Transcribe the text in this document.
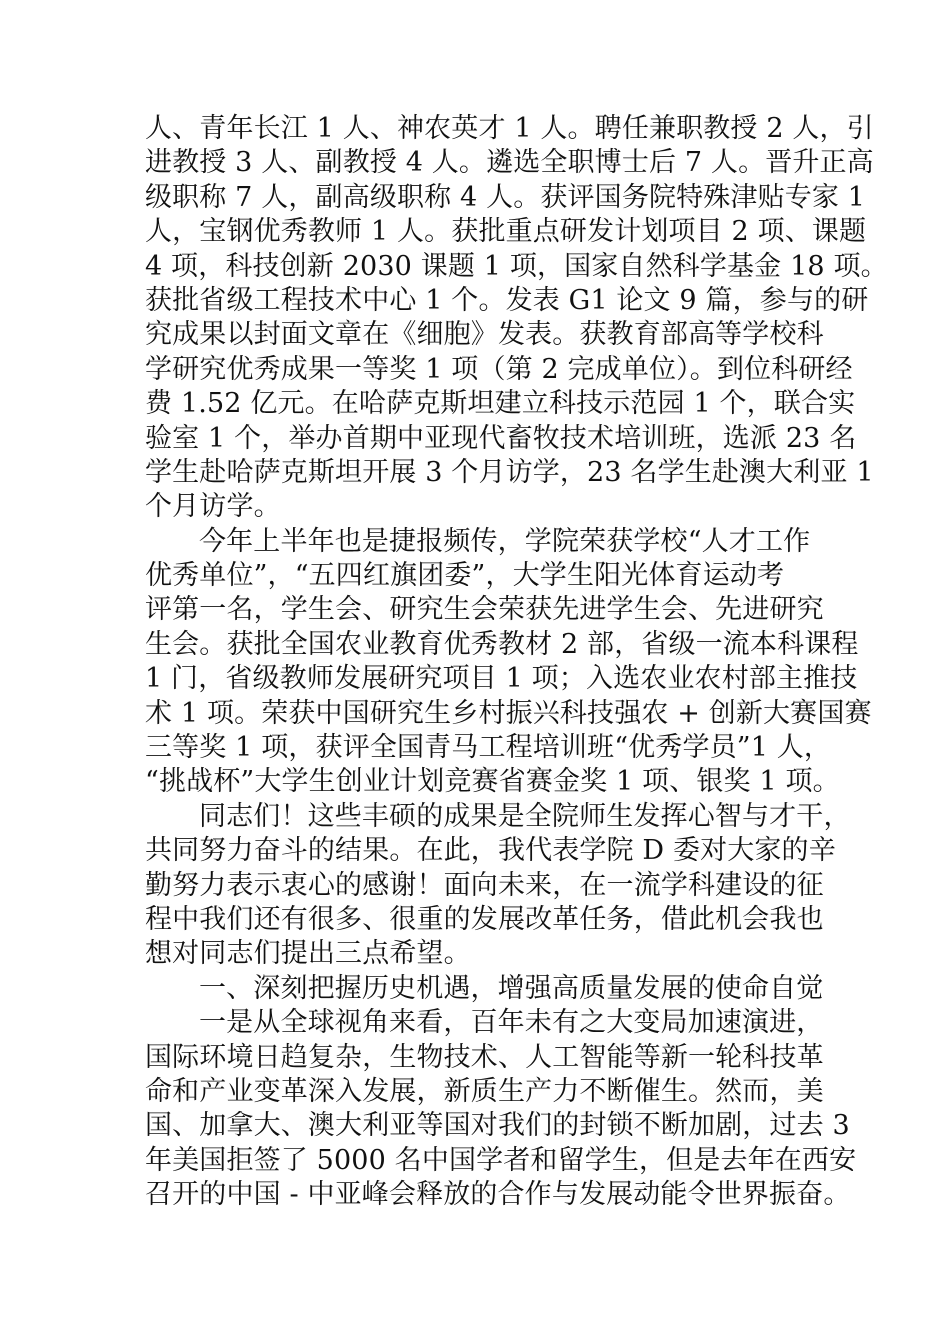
人、青年长江 1 人、神农英才 1 人。聘任兼职教授 2 人，引
进教授 3 人、副教授 4 人。遴选全职博士后 7 人。晋升正高
级职称 7 人，副高级职称 4 人。获评国务院特殊津贴专家 1
人，宝钢优秀教师 1 人。获批重点研发计划项目 2 项、课题
4 项，科技创新 2030 课题 1 项，国家自然科学基金 18 项。
获批省级工程技术中心 1 个。发表 G1 论文 9 篇，参与的研
究成果以封面文章在《细胞》发表。获教育部高等学校科
学研究优秀成果一等奖 1 项（第 2 完成单位）。到位科研经
费 1.52 亿元。在哈萨克斯坦建立科技示范园 1 个，联合实
验室 1 个，举办首期中亚现代畜牧技术培训班，选派 23 名
学生赴哈萨克斯坦开展 3 个月访学，23 名学生赴澳大利亚 1
个月访学。
今年上半年也是捷报频传，学院荣获学校“人才工作
优秀单位”，“五四红旗团委”，大学生阳光体育运动考
评第一名，学生会、研究生会荣获先进学生会、先进研究
生会。获批全国农业教育优秀教材 2 部，省级一流本科课程
1 门，省级教师发展研究项目 1 项；入选农业农村部主推技
术 1 项。荣获中国研究生乡村振兴科技强农 + 创新大赛国赛
三等奖 1 项，获评全国青马工程培训班“优秀学员”1 人，
“挑战杯”大学生创业计划竞赛省赛金奖 1 项、银奖 1 项。
同志们！这些丰硕的成果是全院师生发挥心智与才干，
共同努力奋斗的结果。在此，我代表学院 D 委对大家的辛
勤努力表示衷心的感谢！面向未来，在一流学科建设的征
程中我们还有很多、很重的发展改革任务，借此机会我也
想对同志们提出三点希望。
一、深刻把握历史机遇，增强高质量发展的使命自觉
一是从全球视角来看，百年未有之大变局加速演进，
国际环境日趋复杂，生物技术、人工智能等新一轮科技革
命和产业变革深入发展，新质生产力不断催生。然而，美
国、加拿大、澳大利亚等国对我们的封锁不断加剧，过去 3
年美国拒签了 5000 名中国学者和留学生，但是去年在西安
召开的中国 - 中亚峰会释放的合作与发展动能令世界振奋。
